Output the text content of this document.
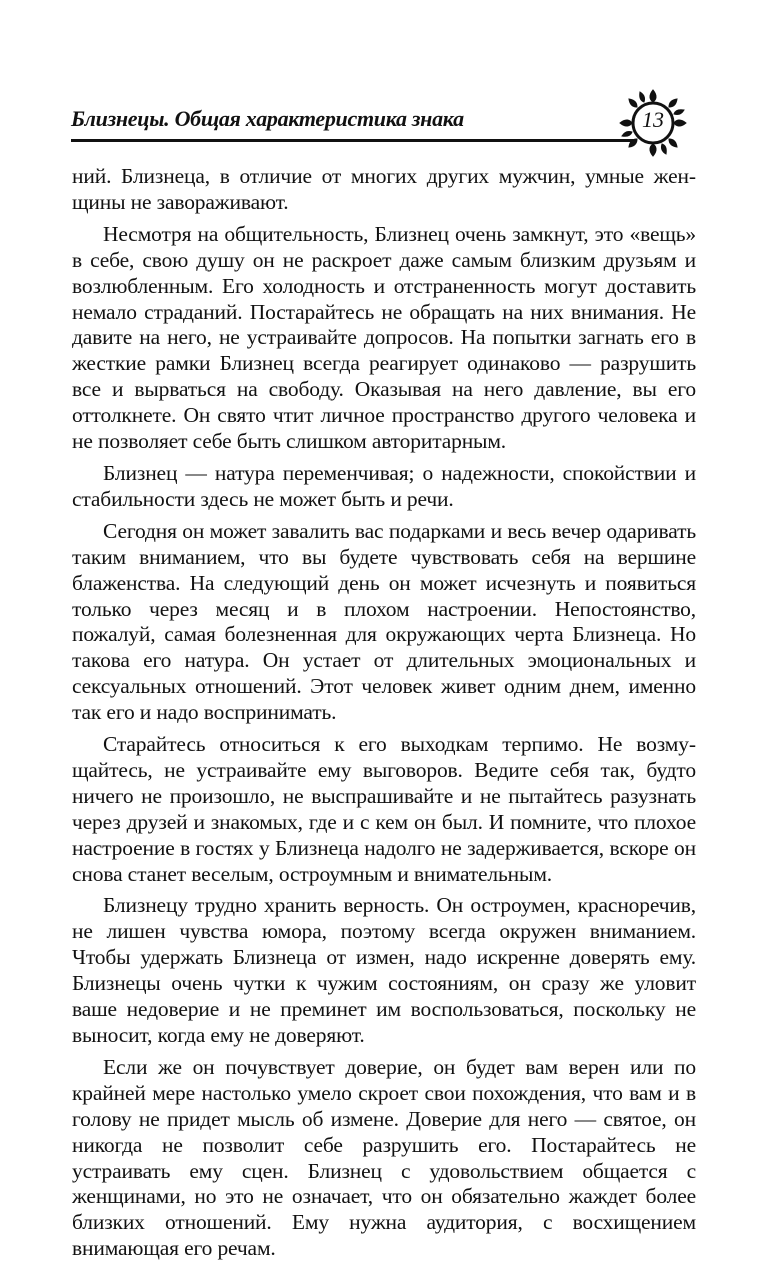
Близнецы. Общая характеристика знака	13

ний. Близнеца, в отличие от многих других мужчин, умные женщины не завораживают.

Несмотря на общительность, Близнец очень замкнут, это «вещь» в себе, свою душу он не раскроет даже самым близким друзьям и возлюбленным. Его холодность и отстраненность могут доставить немало страданий. Постарайтесь не обращать на них внимания. Не давите на него, не устраивайте допросов. На попытки загнать его в жесткие рамки Близнец всегда реагирует одинаково — разрушить все и вырваться на свободу. Оказывая на него давление, вы его оттолкнете. Он свято чтит личное пространство другого человека и не позволяет себе быть слишком авторитарным.

Близнец — натура переменчивая; о надежности, спокойствии и стабильности здесь не может быть и речи.

Сегодня он может завалить вас подарками и весь вечер одаривать таким вниманием, что вы будете чувствовать себя на вершине блаженства. На следующий день он может исчезнуть и появиться только через месяц и в плохом настроении. Непостоянство, пожалуй, самая болезненная для окружающих черта Близнеца. Но такова его натура. Он устает от длительных эмоциональных и сексуальных отношений. Этот человек живет одним днем, именно так его и надо воспринимать.

Старайтесь относиться к его выходкам терпимо. Не возмущайтесь, не устраивайте ему выговоров. Ведите себя так, будто ничего не произошло, не выспрашивайте и не пытайтесь разузнать через друзей и знакомых, где и с кем он был. И помните, что плохое настроение в гостях у Близнеца надолго не задерживается, вскоре он снова станет веселым, остроумным и внимательным.

Близнецу трудно хранить верность. Он остроумен, красноречив, не лишен чувства юмора, поэтому всегда окружен вниманием. Чтобы удержать Близнеца от измен, надо искренне доверять ему. Близнецы очень чутки к чужим состояниям, он сразу же уловит ваше недоверие и не преминет им воспользоваться, поскольку не выносит, когда ему не доверяют.

Если же он почувствует доверие, он будет вам верен или по крайней мере настолько умело скроет свои похождения, что вам и в голову не придет мысль об измене. Доверие для него — святое, он никогда не позволит себе разрушить его. Постарайтесь не устраивать ему сцен. Близнец с удовольствием общается с женщинами, но это не означает, что он обязательно жаждет более близких отношений. Ему нужна аудитория, с восхищением внимающая его речам.
